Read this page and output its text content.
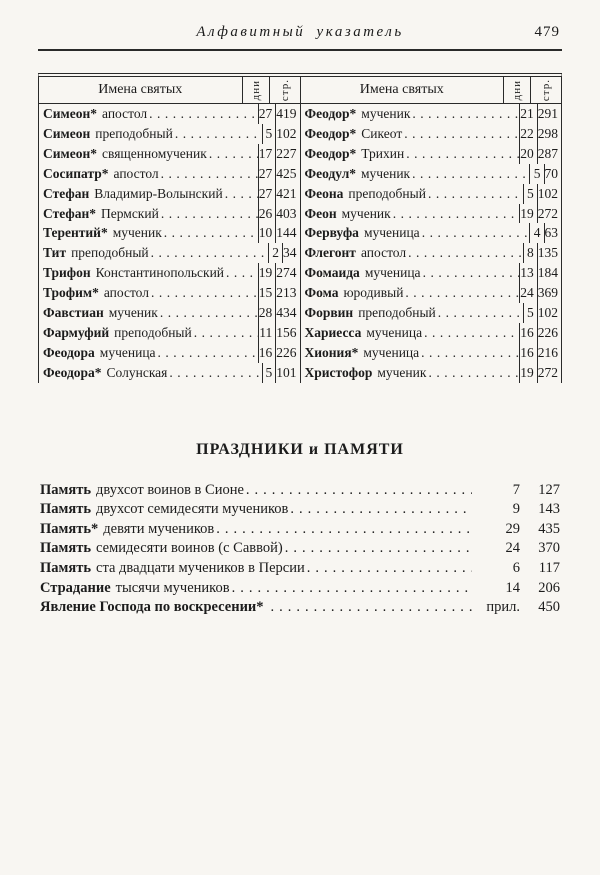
Алфавитный указатель	479
Имена святых	дни стр.	Имена святых	дни стр.
Симеон* апостол .....	27 419
Симеон преподобный .....	5 102
Симеон* священномученик .....	17 227
Сосипатр* апостол .....	27 425
Стефан Владимир-Волынский .....	27 421
Стефан* Пермский .....	26 403
Терентий* мученик .....	10 144
Тит преподобный .....	2 34
Трифон Константинопольский .....	19 274
Трофим* апостол .....	15 213
Фавстиан мученик .....	28 434
Фармуфий преподобный .....	11 156
Феодора мученица .....	16 226
Феодора* Солунская .....	5 101
Феодор* мученик .....	21 291
Феодор* Сикеот .....	22 298
Феодор* Трихин .....	20 287
Феодул* мученик .....	5 70
Феона преподобный .....	5 102
Феон мученик .....	19 272
Фервуфа мученица .....	4 63
Флегонт апостол .....	8 135
Фомаида мученица .....	13 184
Фома юродивый .....	24 369
Форвин преподобный .....	5 102
Хариесса мученица .....	16 226
Хиония* мученица .....	16 216
Христофор мученик .....	19 272
ПРАЗДНИКИ и ПАМЯТИ
Память двухсот воинов в Сионе .....	7	127
Память двухсот семидесяти мучеников .....	9	143
Память* девяти мучеников .....	29	435
Память семидесяти воинов (с Саввой) .....	24	370
Память ста двадцати мучеников в Персии .....	6	117
Страдание тысячи мучеников .....	14	206
Явление Господа по воскресении* .....	прил.	450
